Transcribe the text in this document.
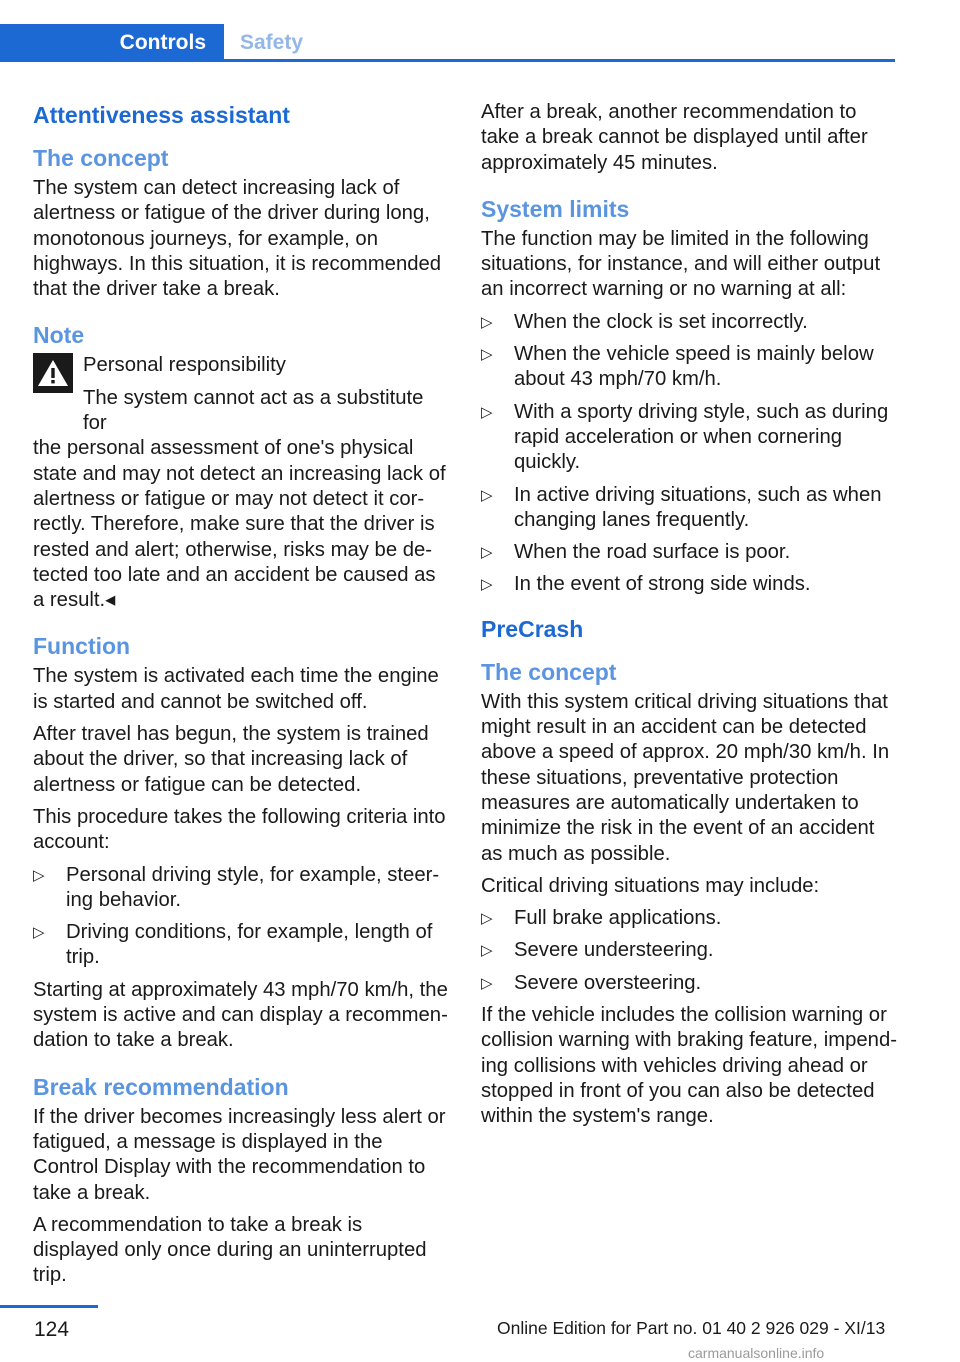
Controls	Safety
Attentiveness assistant
The concept

The system can detect increasing lack of alertness or fatigue of the driver during long, monotonous journeys, for example, on highways. In this situation, it is recommended that the driver take a break.

Note

Personal responsibility

The system cannot act as a substitute for

the personal assessment of one's physical state and may not detect an increasing lack of alertness or fatigue or may not detect it correctly. Therefore, make sure that the driver is rested and alert; otherwise, risks may be detected too late and an accident be caused as a result.◂

Function

The system is activated each time the engine is started and cannot be switched off.

After travel has begun, the system is trained about the driver, so that increasing lack of alertness or fatigue can be detected.

This procedure takes the following criteria into account:

▷ Personal driving style, for example, steering behavior.
▷ Driving conditions, for example, length of trip.

Starting at approximately 43 mph/70 km/h, the system is active and can display a recommendation to take a break.

Break recommendation

If the driver becomes increasingly less alert or fatigued, a message is displayed in the Control Display with the recommendation to take a break.

A recommendation to take a break is displayed only once during an uninterrupted trip.

After a break, another recommendation to take a break cannot be displayed until after approximately 45 minutes.

System limits

The function may be limited in the following situations, for instance, and will either output an incorrect warning or no warning at all:

▷ When the clock is set incorrectly.
▷ When the vehicle speed is mainly below about 43 mph/70 km/h.
▷ With a sporty driving style, such as during rapid acceleration or when cornering quickly.
▷ In active driving situations, such as when changing lanes frequently.
▷ When the road surface is poor.
▷ In the event of strong side winds.
PreCrash
The concept

With this system critical driving situations that might result in an accident can be detected above a speed of approx. 20 mph/30 km/h. In these situations, preventative protection measures are automatically undertaken to minimize the risk in the event of an accident as much as possible.

Critical driving situations may include:

▷ Full brake applications.
▷ Severe understeering.
▷ Severe oversteering.

If the vehicle includes the collision warning or collision warning with braking feature, impending collisions with vehicles driving ahead or stopped in front of you can also be detected within the system's range.

124	Online Edition for Part no. 01 40 2 926 029 - XI/13
carmanualsonline.info
